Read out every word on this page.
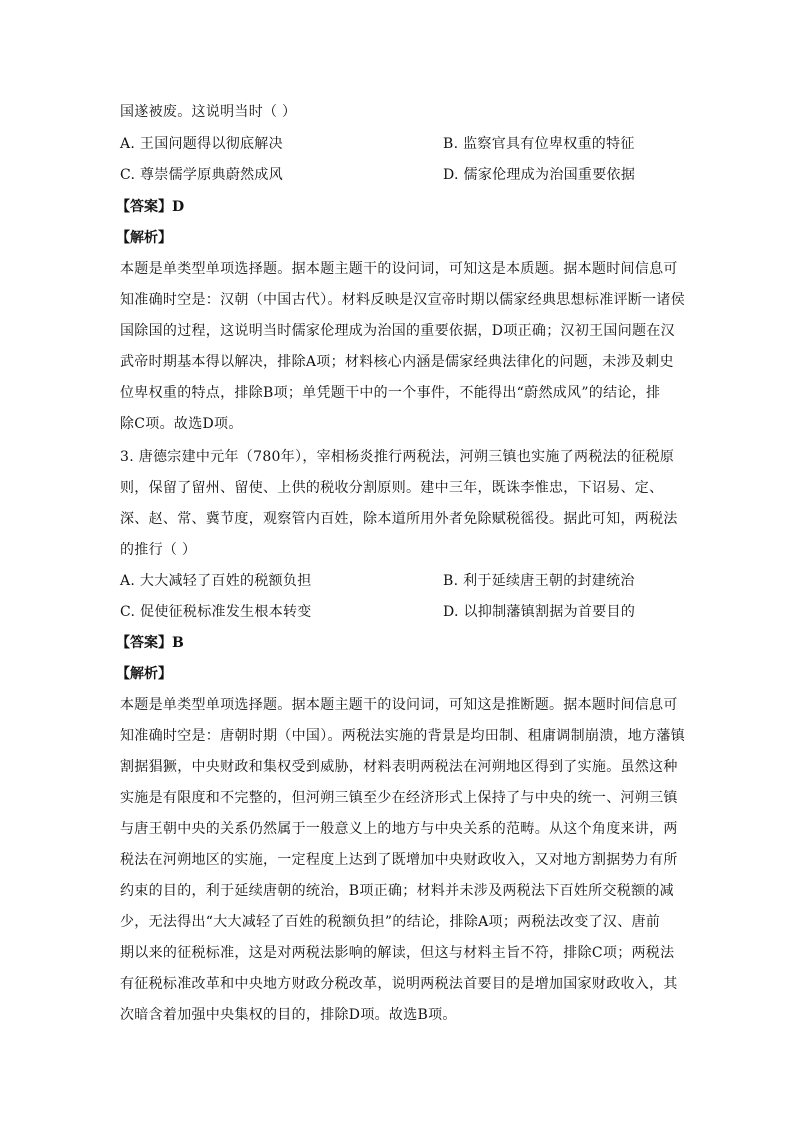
国遂被废。这说明当时（ ）
A. 王国问题得以彻底解决	B. 监察官具有位卑权重的特征
C. 尊崇儒学原典蔚然成风	D. 儒家伦理成为治国重要依据
【答案】D
【解析】
本题是单类型单项选择题。据本题主题干的设问词，可知这是本质题。据本题时间信息可
知准确时空是：汉朝（中国古代）。材料反映是汉宣帝时期以儒家经典思想标准评断一诸侯
国除国的过程，这说明当时儒家伦理成为治国的重要依据，D项正确；汉初王国问题在汉
武帝时期基本得以解决，排除A项；材料核心内涵是儒家经典法律化的问题，未涉及刺史
位卑权重的特点，排除B项；单凭题干中的一个事件，不能得出“蔚然成风”的结论，排
除C项。故选D项。
3. 唐德宗建中元年（780年），宰相杨炎推行两税法，河朔三镇也实施了两税法的征税原
则，保留了留州、留使、上供的税收分割原则。建中三年，既诛李惟忠，下诏易、定、
深、赵、常、冀节度，观察管内百姓，除本道所用外者免除赋税徭役。据此可知，两税法
的推行（ ）
A. 大大减轻了百姓的税额负担	B. 利于延续唐王朝的封建统治
C. 促使征税标准发生根本转变	D. 以抑制藩镇割据为首要目的
【答案】B
【解析】
本题是单类型单项选择题。据本题主题干的设问词，可知这是推断题。据本题时间信息可
知准确时空是：唐朝时期（中国）。两税法实施的背景是均田制、租庸调制崩溃，地方藩镇
割据猖獗，中央财政和集权受到威胁，材料表明两税法在河朔地区得到了实施。虽然这种
实施是有限度和不完整的，但河朔三镇至少在经济形式上保持了与中央的统一、河朔三镇
与唐王朝中央的关系仍然属于一般意义上的地方与中央关系的范畴。从这个角度来讲，两
税法在河朔地区的实施，一定程度上达到了既增加中央财政收入，又对地方割据势力有所
约束的目的，利于延续唐朝的统治，B项正确；材料并未涉及两税法下百姓所交税额的减
少，无法得出“大大减轻了百姓的税额负担”的结论，排除A项；两税法改变了汉、唐前
期以来的征税标准，这是对两税法影响的解读，但这与材料主旨不符，排除C项；两税法
有征税标准改革和中央地方财政分税改革，说明两税法首要目的是增加国家财政收入，其
次暗含着加强中央集权的目的，排除D项。故选B项。
